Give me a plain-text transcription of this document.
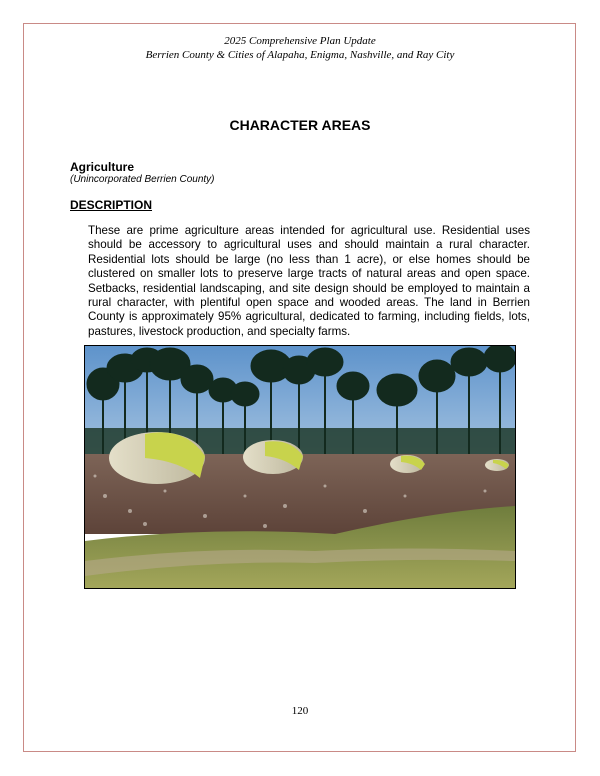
2025 Comprehensive Plan Update
Berrien County & Cities of Alapaha, Enigma, Nashville, and Ray City
CHARACTER AREAS
Agriculture
(Unincorporated Berrien County)
DESCRIPTION
These are prime agriculture areas intended for agricultural use. Residential uses should be accessory to agricultural uses and should maintain a rural character. Residential lots should be large (no less than 1 acre), or else homes should be clustered on smaller lots to preserve large tracts of natural areas and open space. Setbacks, residential landscaping, and site design should be employed to maintain a rural character, with plentiful open space and wooded areas. The land in Berrien County is approximately 95% agricultural, dedicated to farming, including fields, lots, pastures, livestock production, and specialty farms.
120
